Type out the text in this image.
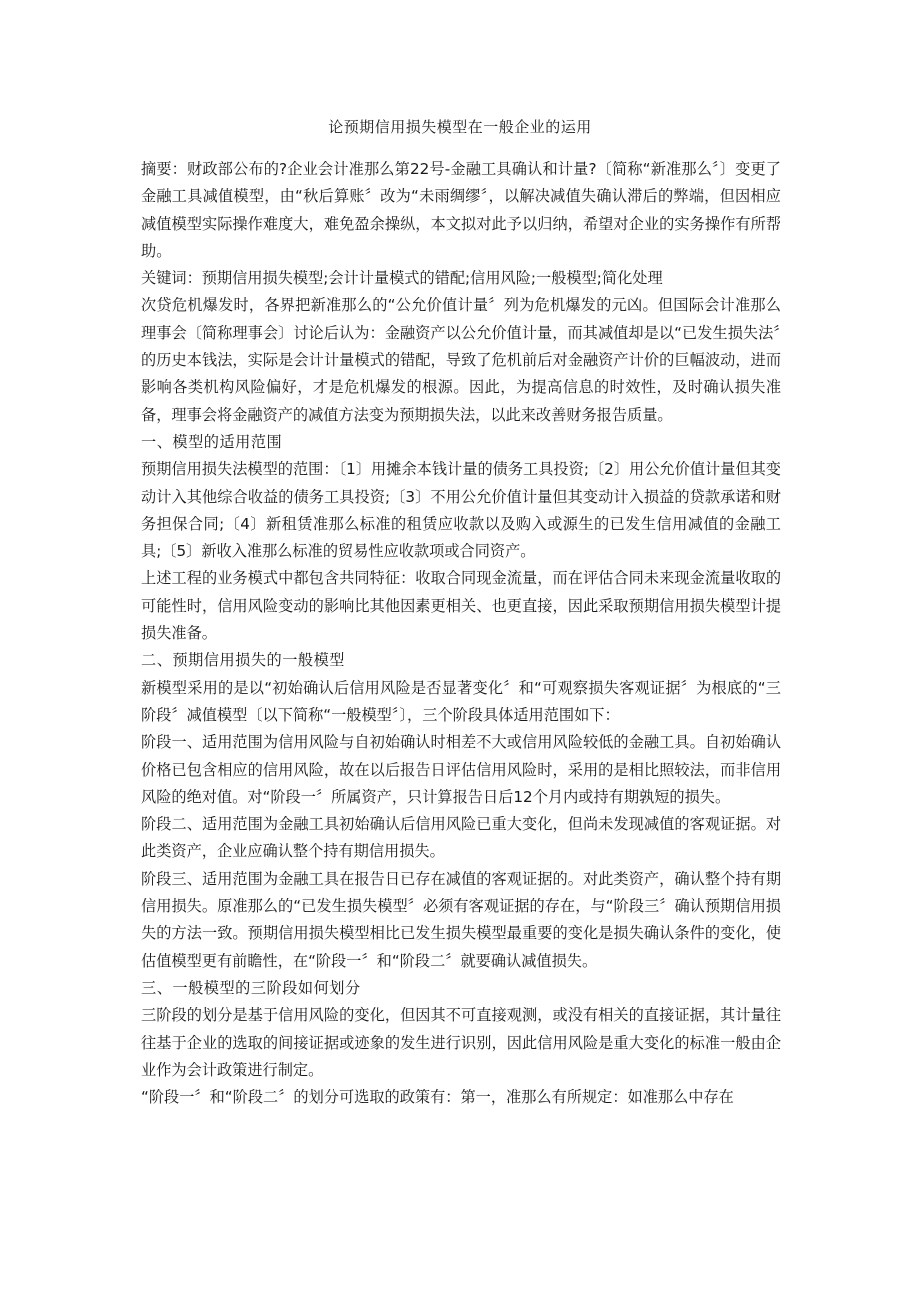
论预期信用损失模型在一般企业的运用

摘要：财政部公布的?企业会计准那么第22号-金融工具确认和计量?〔简称“新准那么〞〕变更了金融工具减值模型，由“秋后算账〞改为“未雨绸缪〞，以解决减值失确认滞后的弊端，但因相应减值模型实际操作难度大，难免盈余操纵，本文拟对此予以归纳，希望对企业的实务操作有所帮助。

关键词：预期信用损失模型;会计计量模式的错配;信用风险;一般模型;简化处理

次贷危机爆发时，各界把新准那么的“公允价值计量〞列为危机爆发的元凶。但国际会计准那么理事会〔简称理事会〕讨论后认为：金融资产以公允价值计量，而其减值却是以“已发生损失法〞的历史本钱法，实际是会计计量模式的错配，导致了危机前后对金融资产计价的巨幅波动，进而影响各类机构风险偏好，才是危机爆发的根源。因此，为提高信息的时效性，及时确认损失准备，理事会将金融资产的减值方法变为预期损失法，以此来改善财务报告质量。

一、模型的适用范围

预期信用损失法模型的范围：〔1〕用摊余本钱计量的债务工具投资;〔2〕用公允价值计量但其变动计入其他综合收益的债务工具投资;〔3〕不用公允价值计量但其变动计入损益的贷款承诺和财务担保合同;〔4〕新租赁准那么标准的租赁应收款以及购入或源生的已发生信用减值的金融工具;〔5〕新收入准那么标准的贸易性应收款项或合同资产。

上述工程的业务模式中都包含共同特征：收取合同现金流量，而在评估合同未来现金流量收取的可能性时，信用风险变动的影响比其他因素更相关、也更直接，因此采取预期信用损失模型计提损失准备。

二、预期信用损失的一般模型

新模型采用的是以“初始确认后信用风险是否显著变化〞和“可观察损失客观证据〞为根底的“三阶段〞减值模型〔以下简称“一般模型〞〕，三个阶段具体适用范围如下：

阶段一、适用范围为信用风险与自初始确认时相差不大或信用风险较低的金融工具。自初始确认价格已包含相应的信用风险，故在以后报告日评估信用风险时，采用的是相比照较法，而非信用风险的绝对值。对“阶段一〞所属资产，只计算报告日后12个月内或持有期孰短的损失。

阶段二、适用范围为金融工具初始确认后信用风险已重大变化，但尚未发现减值的客观证据。对此类资产，企业应确认整个持有期信用损失。

阶段三、适用范围为金融工具在报告日已存在减值的客观证据的。对此类资产，确认整个持有期信用损失。原准那么的“已发生损失模型〞必须有客观证据的存在，与“阶段三〞确认预期信用损失的方法一致。预期信用损失模型相比已发生损失模型最重要的变化是损失确认条件的变化，使估值模型更有前瞻性，在“阶段一〞和“阶段二〞就要确认减值损失。

三、一般模型的三阶段如何划分

三阶段的划分是基于信用风险的变化，但因其不可直接观测，或没有相关的直接证据，其计量往往基于企业的选取的间接证据或迹象的发生进行识别，因此信用风险是重大变化的标准一般由企业作为会计政策进行制定。

“阶段一〞和“阶段二〞的划分可选取的政策有：第一，准那么有所规定：如准那么中存在
